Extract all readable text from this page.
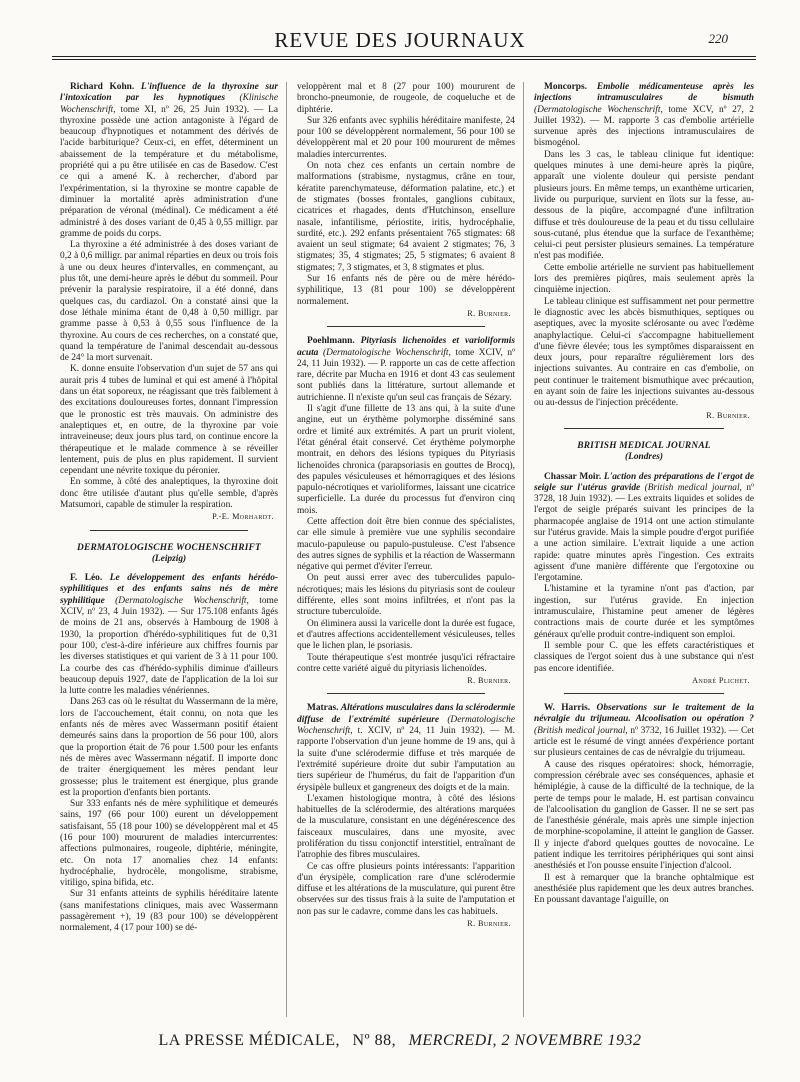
REVUE DES JOURNAUX	220

Richard Kohn. L'influence de la thyroxine sur l'intoxication par les hypnotiques (Klinische Wochenschrift, tome XI, nº 26, 25 Juin 1932). — La thyroxine possède une action antagoniste à l'égard de beaucoup d'hypnotiques et notamment des dérivés de l'acide barbiturique? Ceux-ci, en effet, déterminent un abaissement de la température et du métabolisme, propriété qui a pu être utilisée en cas de Basedow. C'est ce qui a amené K. à rechercher, d'abord par l'expérimentation, si la thyroxine se montre capable de diminuer la mortalité après administration d'une préparation de véronal (médinal). Ce médicament a été administré à des doses variant de 0,45 à 0,55 milligr. par gramme de poids du corps.

La thyroxine a été administrée à des doses variant de 0,2 à 0,6 milligr. par animal réparties en deux ou trois fois à une ou deux heures d'intervalles, en commençant, au plus tôt, une demi-heure après le début du sommeil. Pour prévenir la paralysie respiratoire, il a été donné, dans quelques cas, du cardiazol. On a constaté ainsi que la dose léthale minima étant de 0,48 à 0,50 milligr. par gramme passe à 0,53 à 0,55 sous l'influence de la thyroxine. Au cours de ces recherches, on a constaté que, quand la température de l'animal descendait au-dessous de 24° la mort survenait.

K. donne ensuite l'observation d'un sujet de 57 ans qui aurait pris 4 tubes de luminal et qui est amené à l'hôpital dans un état soporeux, ne réagissant que très faiblement à des excitations douloureuses fortes, donnant l'impression que le pronostic est très mauvais. On administre des analeptiques et, en outre, de la thyroxine par voie intraveineuse; deux jours plus tard, on continue encore la thérapeutique et le malade commence à se réveiller lentement, puis de plus en plus rapidement. Il survient cependant une névrite toxique du péronier.

En somme, à côté des analeptiques, la thyroxine doit donc être utilisée d'autant plus qu'elle semble, d'après Matsumori, capable de stimuler la respiration.

P.-E. Morhardt.
DERMATOLOGISCHE WOCHENSCHRIFT
(Leipzig)

F. Léo. Le développement des enfants hérédo-syphilitiques et des enfants sains nés de mère syphilitique (Dermatologische Wochenschrift, tome XCIV, nº 23, 4 Juin 1932). — Sur 175.108 enfants âgés de moins de 21 ans, observés à Hambourg de 1908 à 1930, la proportion d'hérédo-syphilitiques fut de 0,31 pour 100, c'est-à-dire inférieure aux chiffres fournis par les diverses statistiques et qui varient de 3 à 11 pour 100. La courbe des cas d'hérédo-syphilis diminue d'ailleurs beaucoup depuis 1927, date de l'application de la loi sur la lutte contre les maladies vénériennes.

Dans 263 cas où le résultat du Wassermann de la mère, lors de l'accouchement, était connu, on nota que les enfants nés de mères avec Wassermann positif étaient demeurés sains dans la proportion de 56 pour 100, alors que la proportion était de 76 pour 1.500 pour les enfants nés de mères avec Wassermann négatif. Il importe donc de traiter énergiquement les mères pendant leur grossesse; plus le traitement est énergique, plus grande est la proportion d'enfants bien portants.

Sur 333 enfants nés de mère syphilitique et demeurés sains, 197 (66 pour 100) eurent un développement satisfaisant, 55 (18 pour 100) se développèrent mal et 45 (16 pour 100) moururent de maladies intercurrentes: affections pulmonaires, rougeole, diphtérie, méningite, etc. On nota 17 anomalies chez 14 enfants: hydrocéphalie, hydrocèle, mongolisme, strabisme, vitiligo, spina bifida, etc.

Sur 31 enfants atteints de syphilis héréditaire latente (sans manifestations cliniques, mais avec Wassermann passagèrement +), 19 (83 pour 100) se développèrent normalement, 4 (17 pour 100) se dé-

veloppèrent mal et 8 (27 pour 100) moururent de broncho-pneumonie, de rougeole, de coqueluche et de diphtérie.

Sur 326 enfants avec syphilis héréditaire manifeste, 24 pour 100 se développèrent normalement, 56 pour 100 se développèrent mal et 20 pour 100 moururent de mêmes maladies intercurrentes.

On nota chez ces enfants un certain nombre de malformations (strabisme, nystagmus, crâne en tour, kératite parenchymateuse, déformation palatine, etc.) et de stigmates (bosses frontales, ganglions cubitaux, cicatrices et rhagades, dents d'Hutchinson, ensellure nasale, infantilisme, périostite, iritis, hydrocéphalie, surdité, etc.). 292 enfants présentaient 765 stigmates: 68 avaient un seul stigmate; 64 avaient 2 stigmates; 76, 3 stigmates; 35, 4 stigmates; 25, 5 stigmates; 6 avaient 8 stigmates; 7, 3 stigmates, et 3, 8 stigmates et plus.

Sur 16 enfants nés de père ou de mère hérédo-syphilitique, 13 (81 pour 100) se développèrent normalement.

R. Burnier.

Poehlmann. Pityriasis lichenoïdes et varioliformis acuta (Dermatologische Wochenschrift, tome XCIV, nº 24, 11 Juin 1932). — P. rapporte un cas de cette affection rare, décrite par Mucha en 1916 et dont 43 cas seulement sont publiés dans la littérature, surtout allemande et autrichienne. Il n'existe qu'un seul cas français de Sézary.

Il s'agit d'une fillette de 13 ans qui, à la suite d'une angine, eut un érythème polymorphe disséminé sans ordre et limité aux extrémités. A part un prurit violent, l'état général était conservé. Cet érythème polymorphe montrait, en dehors des lésions typiques du Pityriasis lichenoïdes chronica (parapsoriasis en gouttes de Brocq), des papules vésiculeuses et hémorragiques et des lésions papulo-nécrotiques et varioliformes, laissant une cicatrice superficielle. La durée du processus fut d'environ cinq mois.

Cette affection doit être bien connue des spécialistes, car elle simule à première vue une syphilis secondaire maculo-papuleuse ou papulo-pustuleuse. C'est l'absence des autres signes de syphilis et la réaction de Wassermann négative qui permet d'éviter l'erreur.

On peut aussi errer avec des tuberculides papulo-nécrotiques; mais les lésions du pityriasis sont de couleur différente, elles sont moins infiltrées, et n'ont pas la structure tuberculoïde.

On éliminera aussi la varicelle dont la durée est fugace, et d'autres affections accidentellement vésiculeuses, telles que le lichen plan, le psoriasis.

Toute thérapeutique s'est montrée jusqu'ici réfractaire contre cette variété aiguë du pityriasis lichenoïdes.

R. Burnier.

Matras. Altérations musculaires dans la sclérodermie diffuse de l'extrémité supérieure (Dermatologische Wochenschrift, t. XCIV, nº 24, 11 Juin 1932). — M. rapporte l'observation d'un jeune homme de 19 ans, qui à la suite d'une sclérodermie diffuse et très marquée de l'extrémité supérieure droite dut subir l'amputation au tiers supérieur de l'humérus, du fait de l'apparition d'un érysipèle bulleux et gangreneux des doigts et de la main.

L'examen histologique montra, à côté des lésions habituelles de la sclérodermie, des altérations marquées de la musculature, consistant en une dégénérescence des faisceaux musculaires, dans une myosite, avec prolifération du tissu conjonctif interstitiel, entraînant de l'atrophie des fibres musculaires.

Ce cas offre plusieurs points intéressants: l'apparition d'un érysipèle, complication rare d'une sclérodermie diffuse et les altérations de la musculature, qui purent être observées sur des tissus frais à la suite de l'amputation et non pas sur le cadavre, comme dans les cas habituels.

R. Burnier.

Moncorps. Embolie médicamenteuse après les injections intramusculaires de bismuth (Dermatologische Wochenschrift, tome XCV, nº 27, 2 Juillet 1932). — M. rapporte 3 cas d'embolie artérielle survenue après des injections intramusculaires de bismogénol.

Dans les 3 cas, le tableau clinique fut identique: quelques minutes à une demi-heure après la piqûre, apparaît une violente douleur qui persiste pendant plusieurs jours. En même temps, un exanthème urticarien, livide ou purpurique, survient en îlots sur la fesse, au-dessous de la piqûre, accompagné d'une infiltration diffuse et très douloureuse de la peau et du tissu cellulaire sous-cutané, plus étendue que la surface de l'exanthème; celui-ci peut persister plusieurs semaines. La température n'est pas modifiée.

Cette embolie artérielle ne survient pas habituellement lors des premières piqûres, mais seulement après la cinquième injection.

Le tableau clinique est suffisamment net pour permettre le diagnostic avec les abcès bismuthiques, septiques ou aseptiques, avec la myosite sclérosante ou avec l'œdème anaphylactique. Celui-ci s'accompagne habituellement d'une fièvre élevée; tous les symptômes disparaissent en deux jours, pour reparaître régulièrement lors des injections suivantes. Au contraire en cas d'embolie, on peut continuer le traitement bismuthique avec précaution, en ayant soin de faire les injections suivantes au-dessous ou au-dessus de l'injection précédente.

R. Burnier.
BRITISH MEDICAL JOURNAL
(Londres)

Chassar Moir. L'action des préparations de l'ergot de seigle sur l'utérus gravide (British medical journal, nº 3728, 18 Juin 1932). — Les extraits liquides et solides de l'ergot de seigle préparés suivant les principes de la pharmacopée anglaise de 1914 ont une action stimulante sur l'utérus gravide. Mais la simple poudre d'ergot purifiée a une action similaire. L'extrait liquide a une action rapide: quatre minutes après l'ingestion. Ces extraits agissent d'une manière différente que l'ergotoxine ou l'ergotamine.

L'histamine et la tyramine n'ont pas d'action, par ingestion, sur l'utérus gravide. En injection intramusculaire, l'histamine peut amener de légères contractions mais de courte durée et les symptômes généraux qu'elle produit contre-indiquent son emploi.

Il semble pour C. que les effets caractéristiques et classiques de l'ergot soient dus à une substance qui n'est pas encore identifiée.

André Plichet.

W. Harris. Observations sur le traitement de la névralgie du trijumeau. Alcoolisation ou opération ? (British medical journal, nº 3732, 16 Juillet 1932). — Cet article est le résumé de vingt années d'expérience portant sur plusieurs centaines de cas de névralgie du trijumeau.

A cause des risques opératoires: shock, hémorragie, compression cérébrale avec ses conséquences, aphasie et hémiplégie, à cause de la difficulté de la technique, de la perte de temps pour le malade, H. est partisan convaincu de l'alcoolisation du ganglion de Gasser. Il ne se sert pas de l'anesthésie générale, mais après une simple injection de morphine-scopolamine, il atteint le ganglion de Gasser. Il y injecte d'abord quelques gouttes de novocaïne. Le patient indique les territoires périphériques qui sont ainsi anesthésiés et l'on pousse ensuite l'injection d'alcool.

Il est à remarquer que la branche ophtalmique est anesthésiée plus rapidement que les deux autres branches. En poussant davantage l'aiguille, on

LA PRESSE MÉDICALE, Nº 88, MERCREDI, 2 NOVEMBRE 1932
